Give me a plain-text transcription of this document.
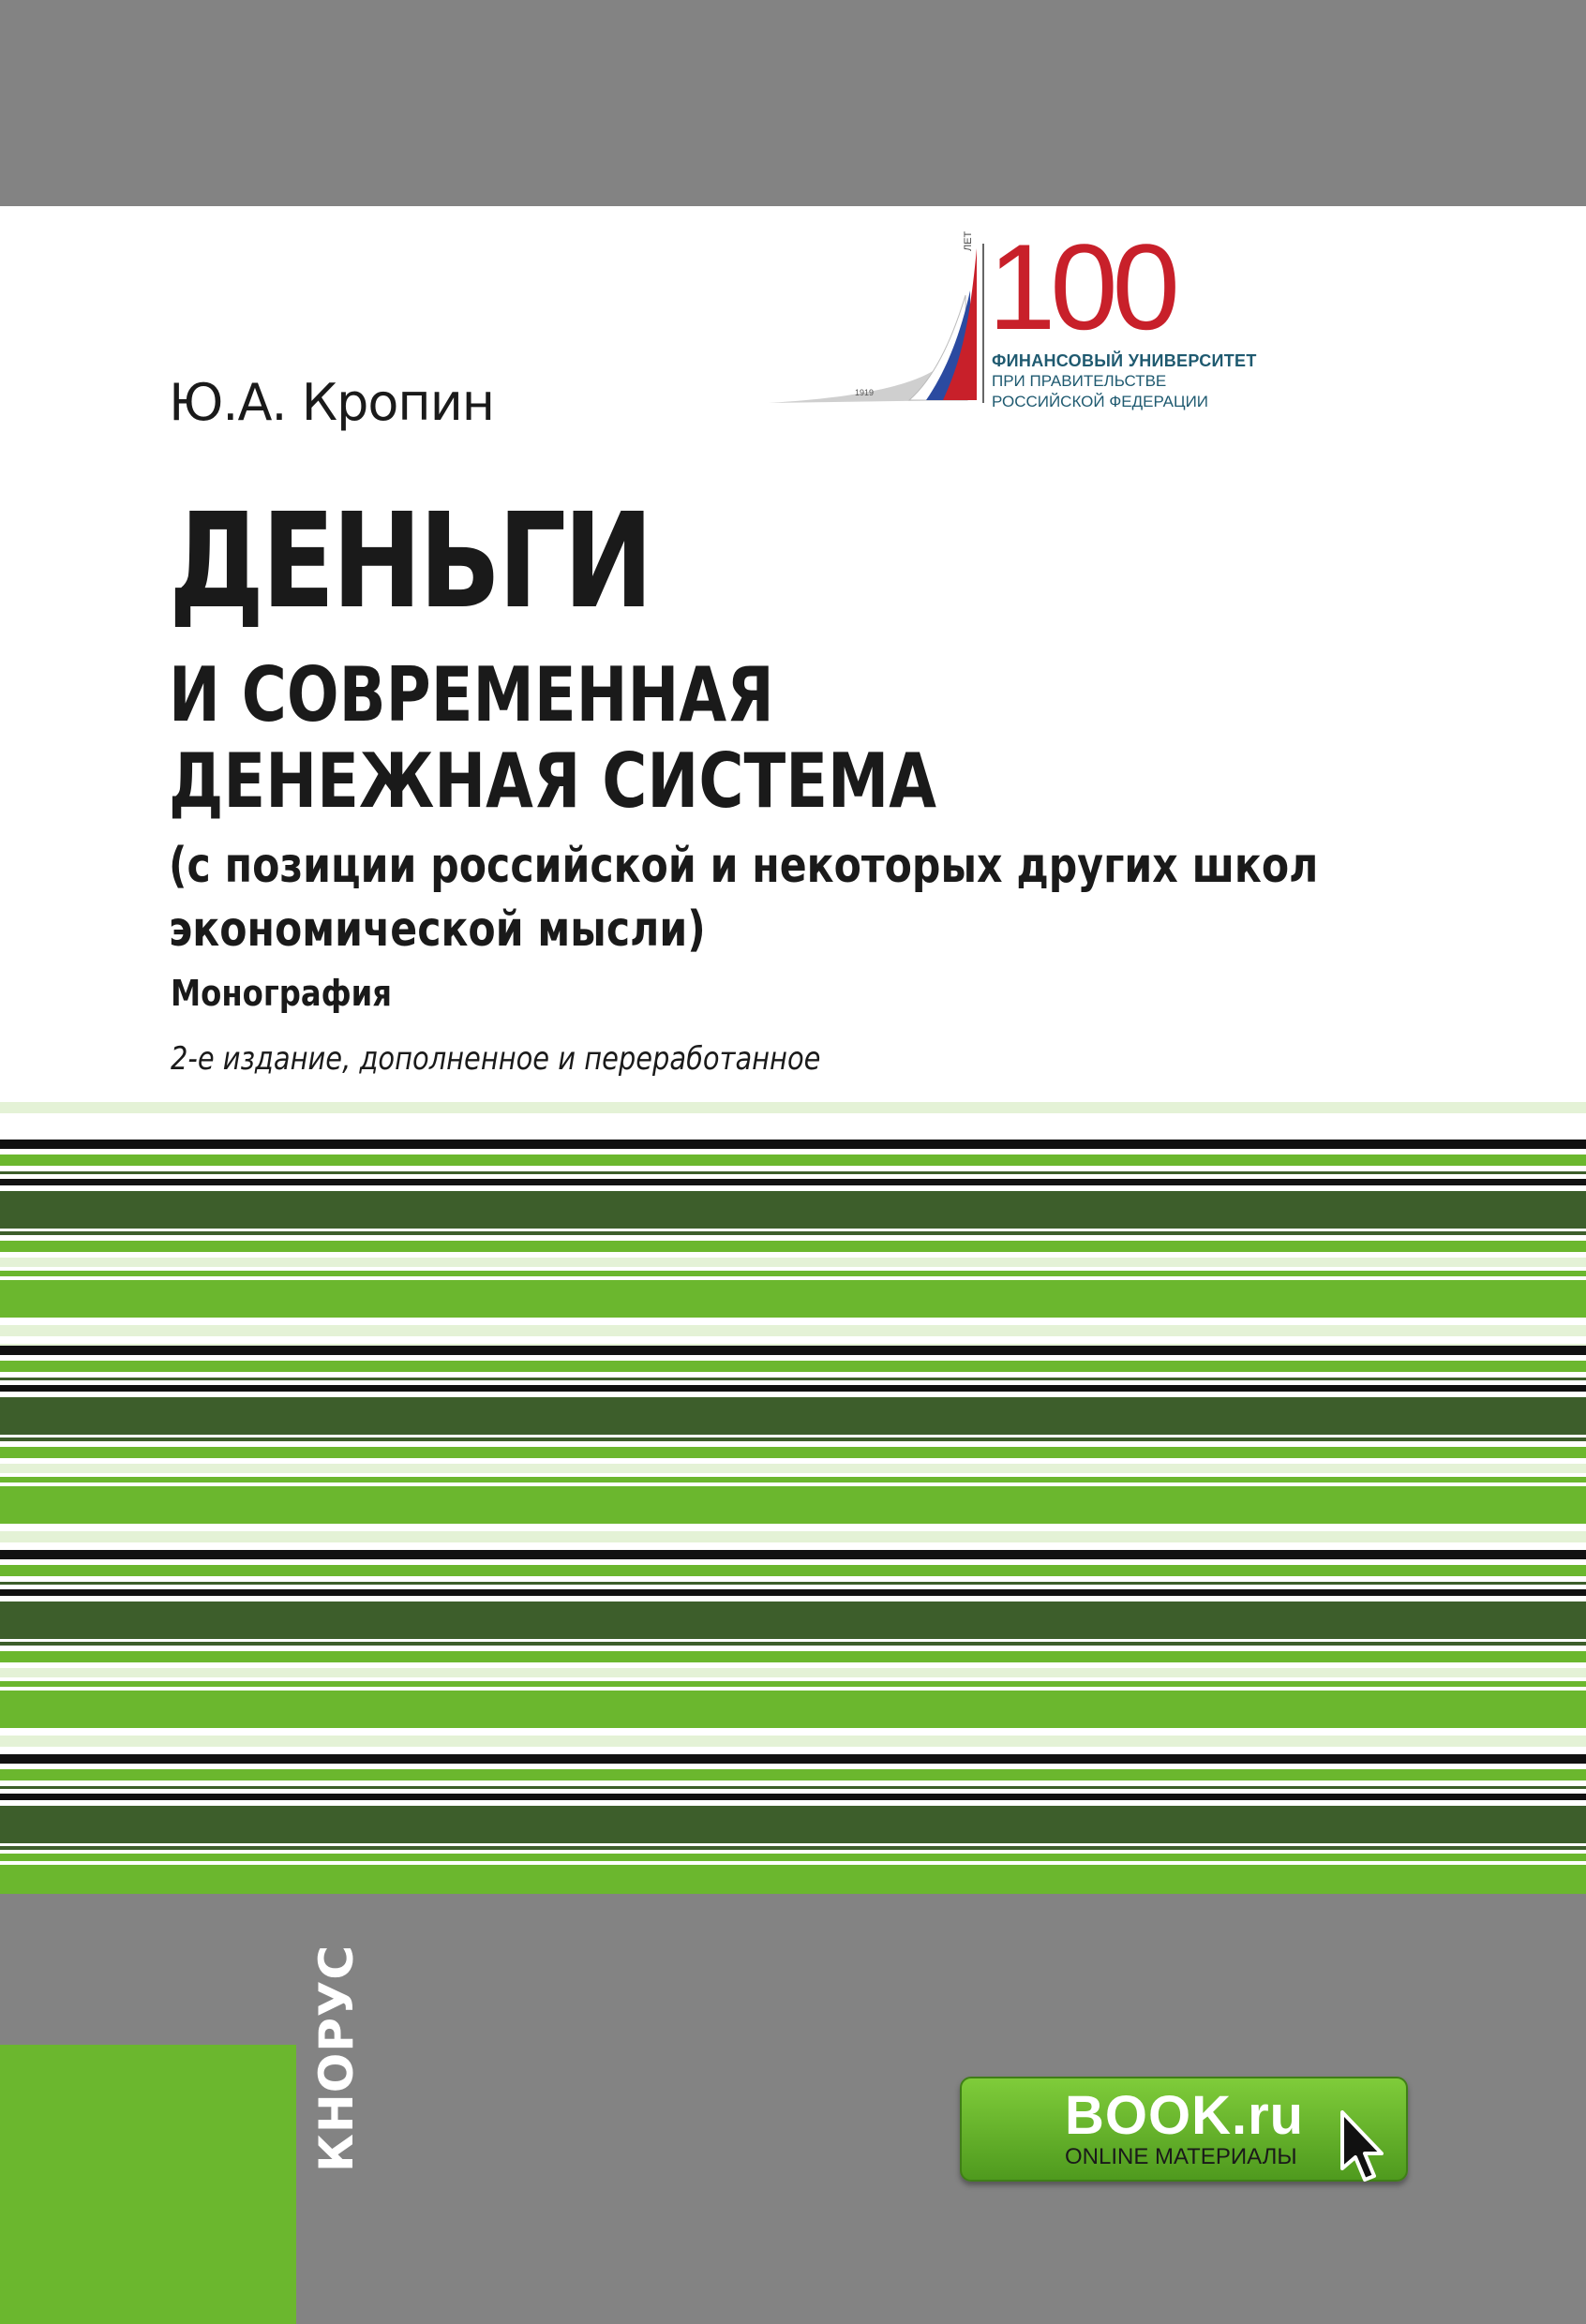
100
ЛЕТ
1919
ФИНАНСОВЫЙ УНИВЕРСИТЕТ
ПРИ ПРАВИТЕЛЬСТВЕ
РОССИЙСКОЙ ФЕДЕРАЦИИ
Ю.А. Кропин
ДЕНЬГИ
И СОВРЕМЕННАЯ
ДЕНЕЖНАЯ СИСТЕМА
(с позиции российской и некоторых других школ
экономической мысли)
Монография
2-е издание, дополненное и переработанное
КНОРУС	BOOK.ru
ONLINE МАТЕРИАЛЫ
